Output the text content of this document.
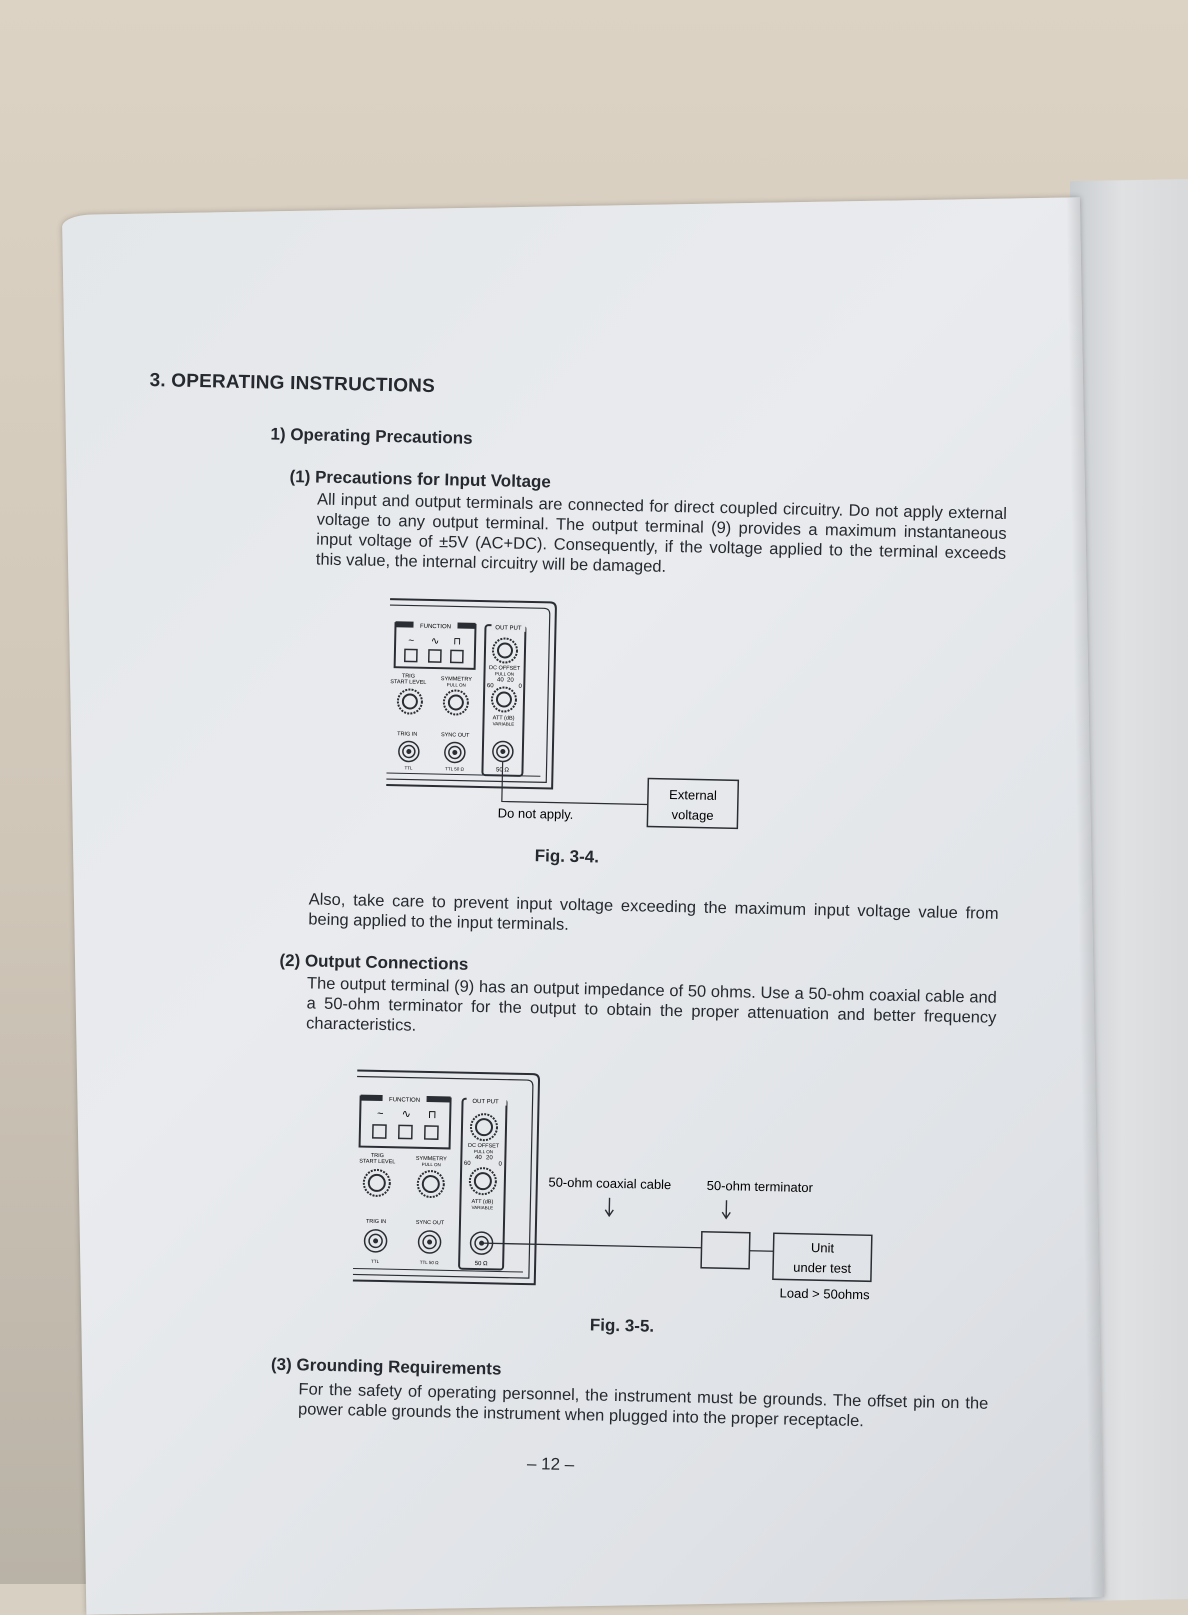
3. OPERATING INSTRUCTIONS
1) Operating Precautions
(1) Precautions for Input Voltage
All input and output terminals are connected for direct coupled circuitry. Do not apply external voltage to any output terminal. The output terminal (9) provides a maximum instantaneous input voltage of ±5V (AC+DC). Consequently, if the voltage applied to the terminal exceeds this value, the internal circuitry will be damaged.
FUNCTION
~ ∿ ⊓
OUT PUT
DC OFFSET
PULL ON
60
40 20
0
ATT (dB)
VARIABLE
50 Ω
TRIG
START LEVEL	SYMMETRY
PULL ON
TRIG IN	SYNC OUT
TTL	TTL 50 Ω
External
voltage
Do not apply.
Fig. 3-4.
Also, take care to prevent input voltage exceeding the maximum input voltage value from being applied to the input terminals.
(2) Output Connections
The output terminal (9) has an output impedance of 50 ohms. Use a 50-ohm coaxial cable and a 50-ohm terminator for the output to obtain the proper attenuation and better frequency characteristics.
FUNCTION
~ ∿ ⊓
OUT PUT
DC OFFSET
PULL ON
60
40 20
0
ATT (dB)
VARIABLE
50 Ω
TRIG
START LEVEL	SYMMETRY
PULL ON
TRIG IN	SYNC OUT
TTL	TTL 50 Ω
Unit
under test
Load > 50ohms
50-ohm coaxial cable	50-ohm terminator
Fig. 3-5.
(3) Grounding Requirements
For the safety of operating personnel, the instrument must be grounds. The offset pin on the power cable grounds the instrument when plugged into the proper receptacle.
– 12 –
